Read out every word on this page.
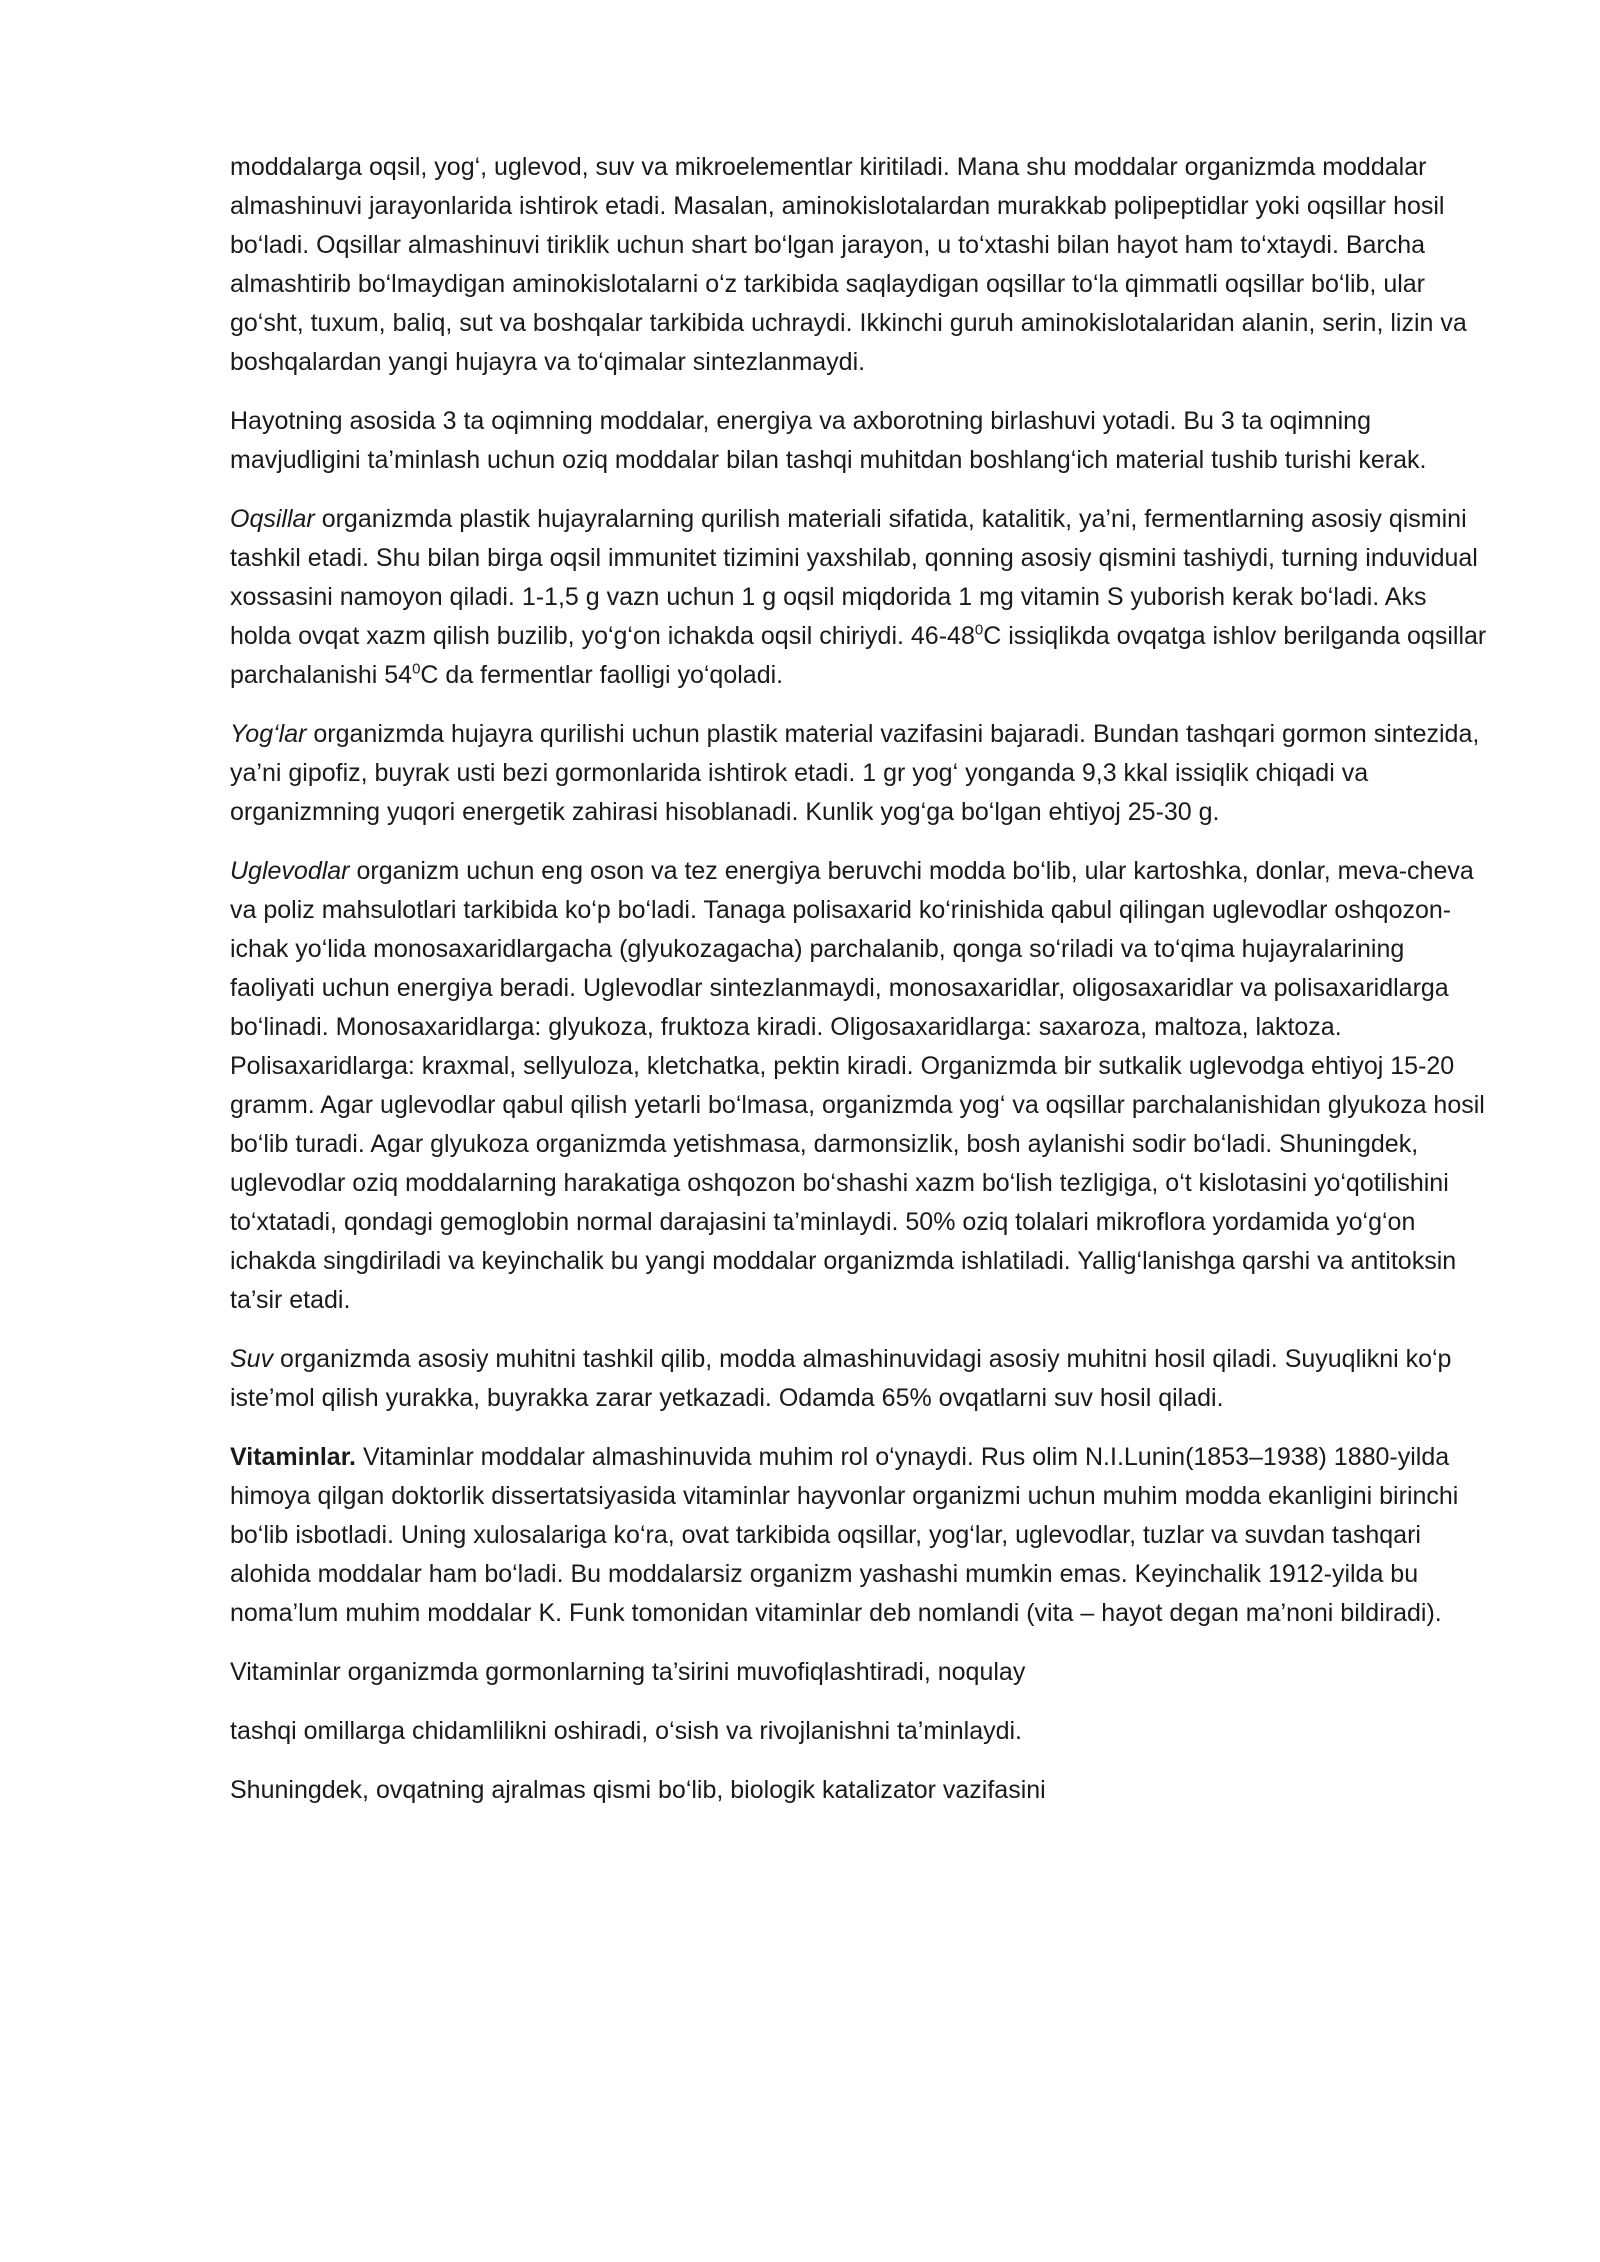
moddalarga oqsil, yog‘, uglevod, suv va mikroelementlar kiritiladi. Mana shu moddalar organizmda moddalar almashinuvi jarayonlarida ishtirok etadi. Masalan, aminokislotalardan murakkab polipeptidlar yoki oqsillar hosil bo‘ladi. Oqsillar almashinuvi tiriklik uchun shart bo‘lgan jarayon, u to‘xtashi bilan hayot ham to‘xtaydi. Barcha almashtirib bo‘lmaydigan aminokislotalarni o‘z tarkibida saqlaydigan oqsillar to‘la qimmatli oqsillar bo‘lib, ular go‘sht, tuxum, baliq, sut va boshqalar tarkibida uchraydi. Ikkinchi guruh aminokislotalaridan alanin, serin, lizin va boshqalardan yangi hujayra va to‘qimalar sintezlanmaydi.

Hayotning asosida 3 ta oqimning moddalar, energiya va axborotning birlashuvi yotadi. Bu 3 ta oqimning mavjudligini ta’minlash uchun oziq moddalar bilan tashqi muhitdan boshlang‘ich material tushib turishi kerak.

Oqsillar organizmda plastik hujayralarning qurilish materiali sifatida, katalitik, ya’ni, fermentlarning asosiy qismini tashkil etadi. Shu bilan birga oqsil immunitet tizimini yaxshilab, qonning asosiy qismini tashiydi, turning induvidual xossasini namoyon qiladi. 1-1,5 g vazn uchun 1 g oqsil miqdorida 1 mg vitamin S yuborish kerak bo‘ladi. Aks holda ovqat xazm qilish buzilib, yo‘g‘on ichakda oqsil chiriydi. $46-48^0C$ issiqlikda ovqatga ishlov berilganda oqsillar parchalanishi $54^0C$ da fermentlar faolligi yo‘qoladi.

Yog‘lar organizmda hujayra qurilishi uchun plastik material vazifasini bajaradi. Bundan tashqari gormon sintezida, ya’ni gipofiz, buyrak usti bezi gormonlarida ishtirok etadi. 1 gr yog‘ yonganda 9,3 kkal issiqlik chiqadi va organizmning yuqori energetik zahirasi hisoblanadi. Kunlik yog‘ga bo‘lgan ehtiyoj 25-30 g.

Uglevodlar organizm uchun eng oson va tez energiya beruvchi modda bo‘lib, ular kartoshka, donlar, meva-cheva va poliz mahsulotlari tarkibida ko‘p bo‘ladi. Tanaga polisaxarid ko‘rinishida qabul qilingan uglevodlar oshqozon-ichak yo‘lida monosaxaridlargacha (glyukozagacha) parchalanib, qonga so‘riladi va to‘qima hujayralarining faoliyati uchun energiya beradi. Uglevodlar sintezlanmaydi, monosaxaridlar, oligosaxaridlar va polisaxaridlarga bo‘linadi. Monosaxaridlarga: glyukoza, fruktoza kiradi. Oligosaxaridlarga: saxaroza, maltoza, laktoza. Polisaxaridlarga: kraxmal, sellyuloza, kletchatka, pektin kiradi. Organizmda bir sutkalik uglevodga ehtiyoj 15-20 gramm. Agar uglevodlar qabul qilish yetarli bo‘lmasa, organizmda yog‘ va oqsillar parchalanishidan glyukoza hosil bo‘lib turadi. Agar glyukoza organizmda yetishmasa, darmonsizlik, bosh aylanishi sodir bo‘ladi. Shuningdek, uglevodlar oziq moddalarning harakatiga oshqozon bo‘shashi xazm bo‘lish tezligiga, o‘t kislotasini yo‘qotilishini to‘xtatadi, qondagi gemoglobin normal darajasini ta’minlaydi. 50% oziq tolalari mikroflora yordamida yo‘g‘on ichakda singdiriladi va keyinchalik bu yangi moddalar organizmda ishlatiladi. Yallig‘lanishga qarshi va antitoksin ta’sir etadi.

Suv organizmda asosiy muhitni tashkil qilib, modda almashinuvidagi asosiy muhitni hosil qiladi. Suyuqlikni ko‘p iste’mol qilish yurakka, buyrakka zarar yetkazadi. Odamda 65% ovqatlarni suv hosil qiladi.

Vitaminlar. Vitaminlar moddalar almashinuvida muhim rol o‘ynaydi. Rus olim N.I.Lunin(1853–1938) 1880-yilda himoya qilgan doktorlik dissertatsiyasida vitaminlar hayvonlar organizmi uchun muhim modda ekanligini birinchi bo‘lib isbotladi. Uning xulosalariga ko‘ra, ovat tarkibida oqsillar, yog‘lar, uglevodlar, tuzlar va suvdan tashqari alohida moddalar ham bo‘ladi. Bu moddalarsiz organizm yashashi mumkin emas. Keyinchalik 1912-yilda bu noma’lum muhim moddalar K. Funk tomonidan vitaminlar deb nomlandi (vita – hayot degan ma’noni bildiradi).

Vitaminlar organizmda gormonlarning ta’sirini muvofiqlashtiradi, noqulay

tashqi omillarga chidamlilikni oshiradi, o‘sish va rivojlanishni ta’minlaydi.

Shuningdek, ovqatning ajralmas qismi bo‘lib, biologik katalizator vazifasini
